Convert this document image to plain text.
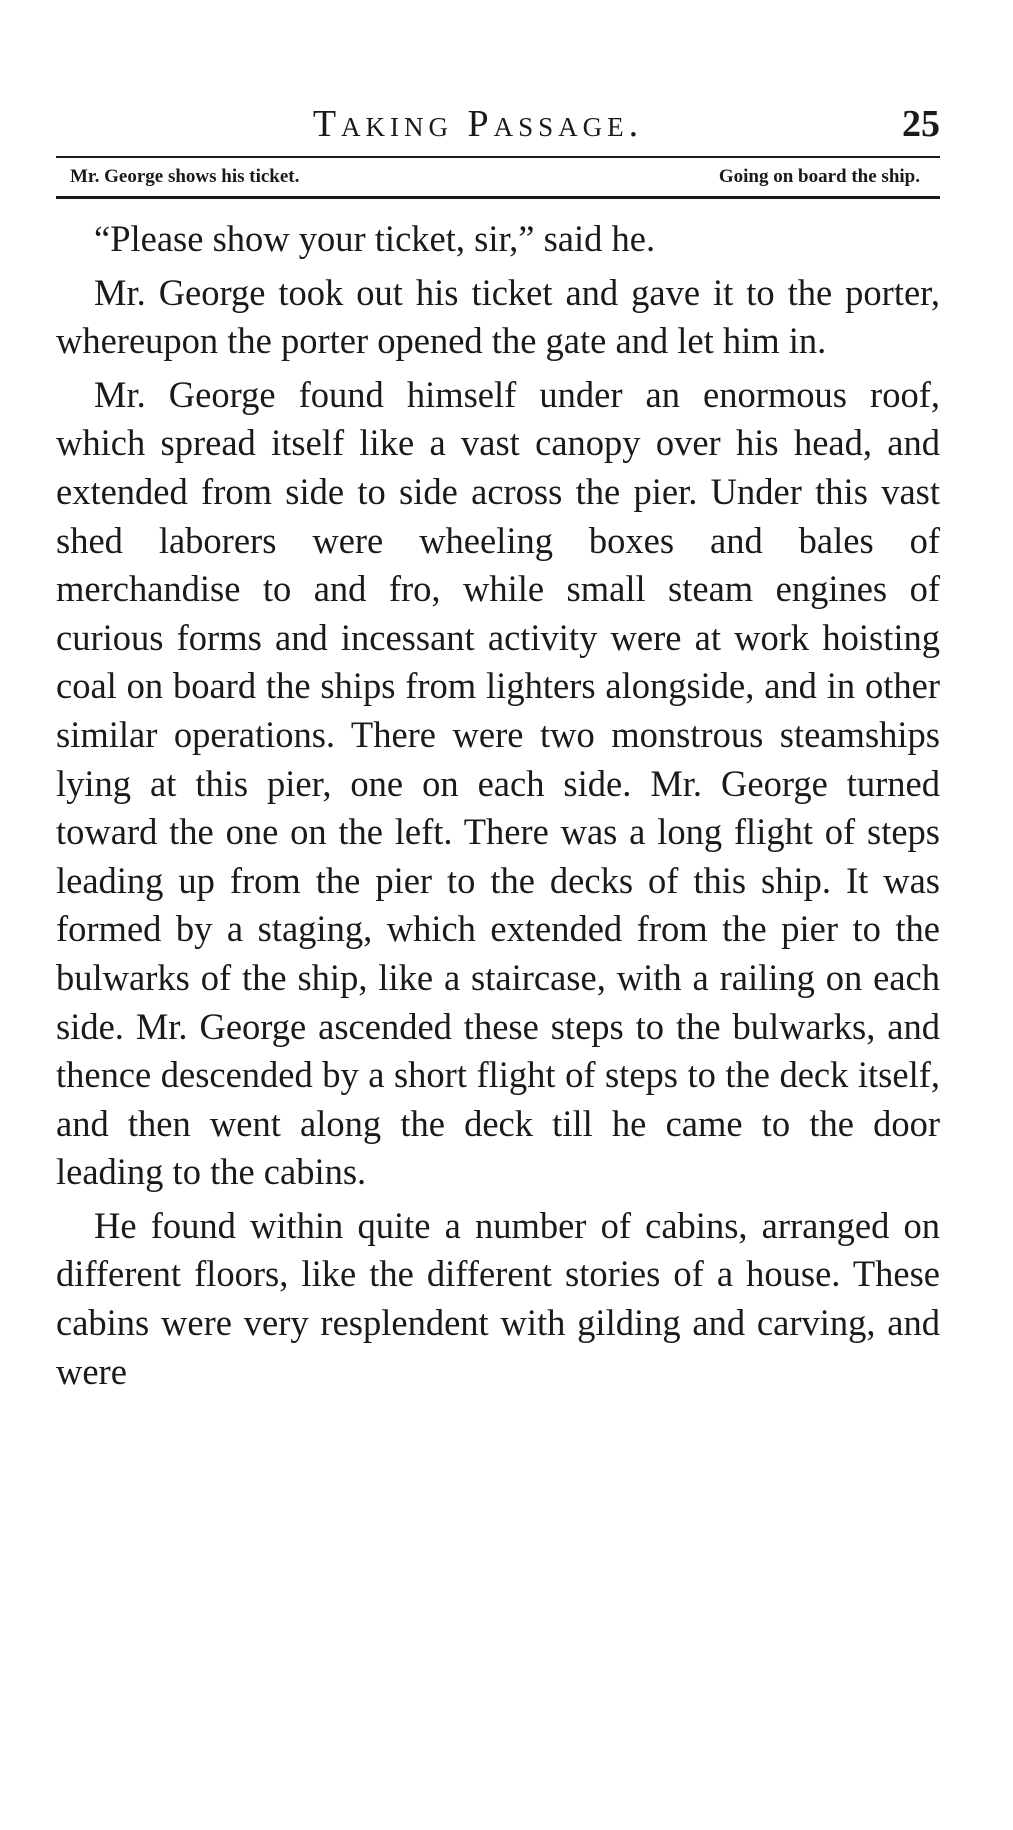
Taking Passage.	25
Mr. George shows his ticket.	Going on board the ship.

“Please show your ticket, sir,” said he.

Mr. George took out his ticket and gave it to the porter, whereupon the porter opened the gate and let him in.

Mr. George found himself under an enormous roof, which spread itself like a vast canopy over his head, and extended from side to side across the pier. Under this vast shed laborers were wheeling boxes and bales of merchandise to and fro, while small steam engines of curious forms and incessant activity were at work hoisting coal on board the ships from lighters alongside, and in other similar operations. There were two monstrous steamships lying at this pier, one on each side. Mr. George turned toward the one on the left. There was a long flight of steps leading up from the pier to the decks of this ship. It was formed by a staging, which extended from the pier to the bulwarks of the ship, like a staircase, with a railing on each side. Mr. George ascended these steps to the bulwarks, and thence descended by a short flight of steps to the deck itself, and then went along the deck till he came to the door leading to the cabins.

He found within quite a number of cabins, arranged on different floors, like the different stories of a house. These cabins were very resplendent with gilding and carving, and were
